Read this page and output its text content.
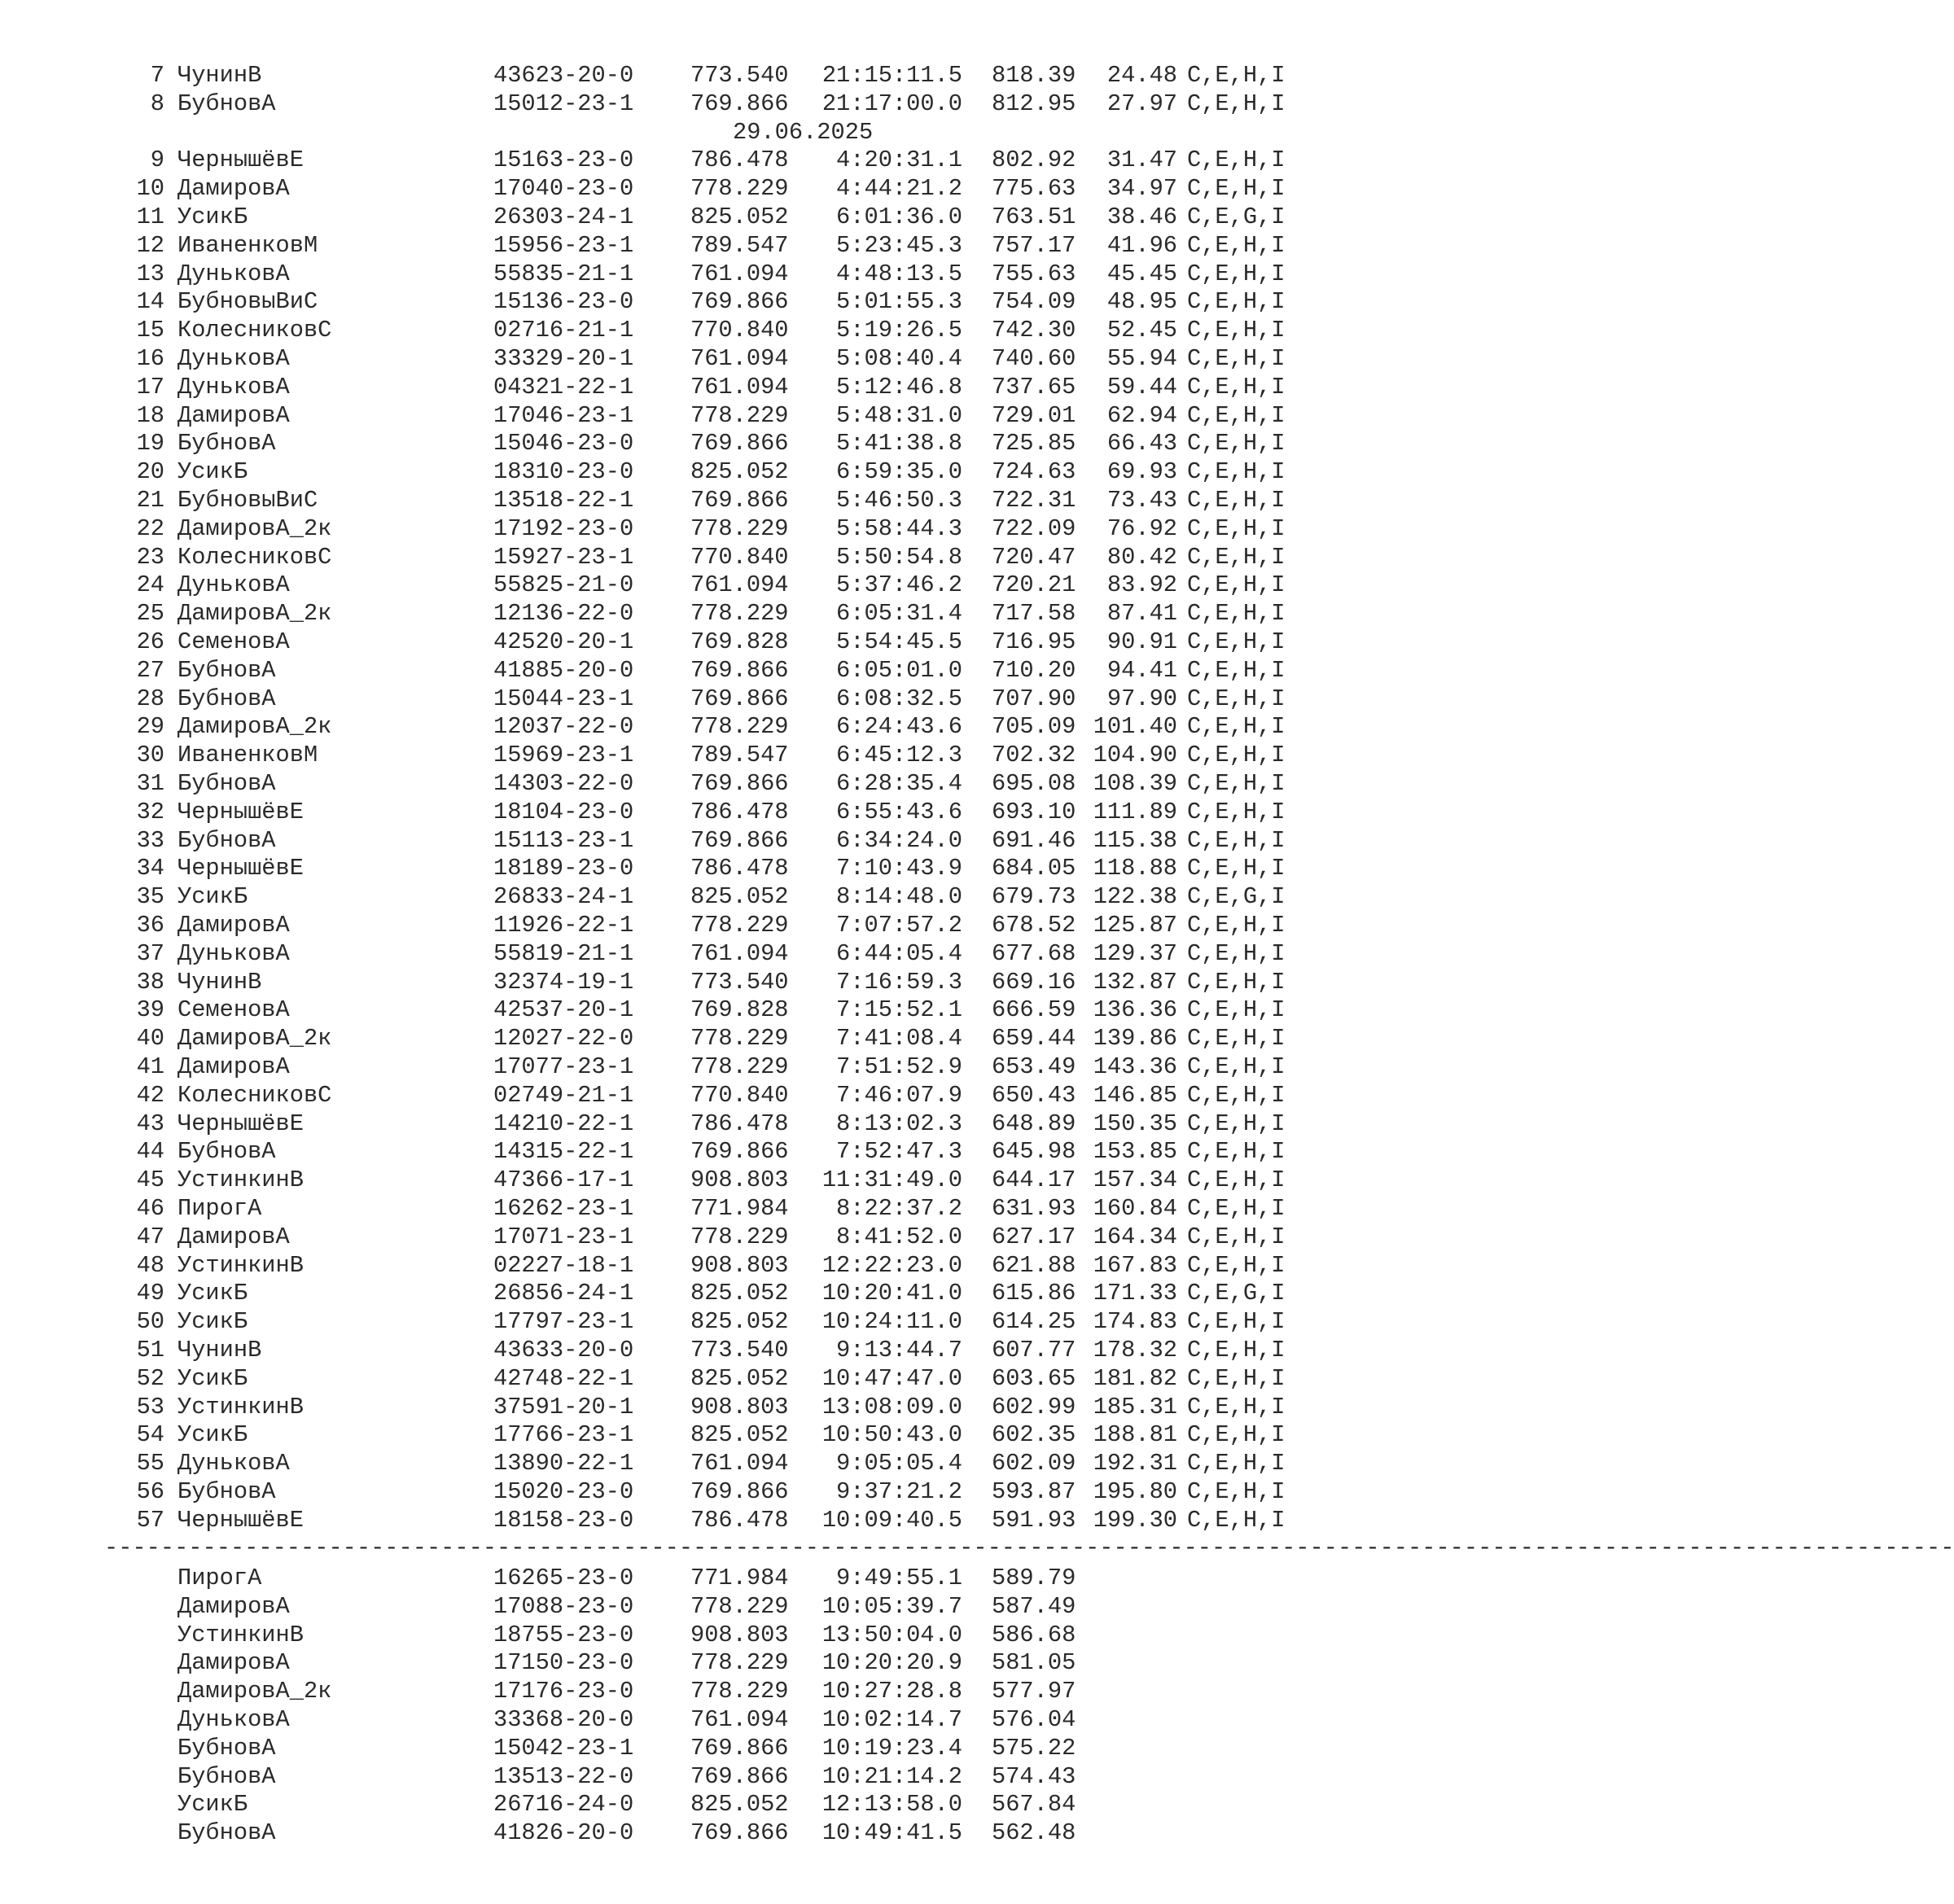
7 ЧунинВ	43623-20-0 773.540	21:15:11.5 818.39	24.48 C,E,H,I
8 БубновА	15012-23-1 769.866	21:17:00.0 812.95	27.97 C,E,H,I
9 ЧернышёвЕ	15163-23-0 786.478	4:20:31.1 802.92	31.47 C,E,H,I
10 ДамировА	17040-23-0 778.229	4:44:21.2 775.63	34.97 C,E,H,I
11 УсикБ	26303-24-1 825.052	6:01:36.0 763.51	38.46 C,E,G,I
12 ИваненковМ	15956-23-1 789.547	5:23:45.3 757.17	41.96 C,E,H,I
13 ДуньковА	55835-21-1 761.094	4:48:13.5 755.63	45.45 C,E,H,I
14 БубновыВиС	15136-23-0 769.866	5:01:55.3 754.09	48.95 C,E,H,I
15 КолесниковС	02716-21-1 770.840	5:19:26.5 742.30	52.45 C,E,H,I
16 ДуньковА	33329-20-1 761.094	5:08:40.4 740.60	55.94 C,E,H,I
17 ДуньковА	04321-22-1 761.094	5:12:46.8 737.65	59.44 C,E,H,I
18 ДамировА	17046-23-1 778.229	5:48:31.0 729.01	62.94 C,E,H,I
19 БубновА	15046-23-0 769.866	5:41:38.8 725.85	66.43 C,E,H,I
20 УсикБ	18310-23-0 825.052	6:59:35.0 724.63	69.93 C,E,H,I
21 БубновыВиС	13518-22-1 769.866	5:46:50.3 722.31	73.43 C,E,H,I
22 ДамировА_2к	17192-23-0 778.229	5:58:44.3 722.09	76.92 C,E,H,I
23 КолесниковС	15927-23-1 770.840	5:50:54.8 720.47	80.42 C,E,H,I
24 ДуньковА	55825-21-0 761.094	5:37:46.2 720.21	83.92 C,E,H,I
25 ДамировА_2к	12136-22-0 778.229	6:05:31.4 717.58	87.41 C,E,H,I
26 СеменовА	42520-20-1 769.828	5:54:45.5 716.95	90.91 C,E,H,I
27 БубновА	41885-20-0 769.866	6:05:01.0 710.20	94.41 C,E,H,I
28 БубновА	15044-23-1 769.866	6:08:32.5 707.90	97.90 C,E,H,I
29 ДамировА_2к	12037-22-0 778.229	6:24:43.6 705.09 101.40 C,E,H,I
30 ИваненковМ	15969-23-1 789.547	6:45:12.3 702.32 104.90 C,E,H,I
31 БубновА	14303-22-0 769.866	6:28:35.4 695.08 108.39 C,E,H,I
32 ЧернышёвЕ	18104-23-0 786.478	6:55:43.6 693.10 111.89 C,E,H,I
33 БубновА	15113-23-1 769.866	6:34:24.0 691.46 115.38 C,E,H,I
34 ЧернышёвЕ	18189-23-0 786.478	7:10:43.9 684.05 118.88 C,E,H,I
35 УсикБ	26833-24-1 825.052	8:14:48.0 679.73 122.38 C,E,G,I
36 ДамировА	11926-22-1 778.229	7:07:57.2 678.52 125.87 C,E,H,I
37 ДуньковА	55819-21-1 761.094	6:44:05.4 677.68 129.37 C,E,H,I
38 ЧунинВ	32374-19-1 773.540	7:16:59.3 669.16 132.87 C,E,H,I
39 СеменовА	42537-20-1 769.828	7:15:52.1 666.59 136.36 C,E,H,I
40 ДамировА_2к	12027-22-0 778.229	7:41:08.4 659.44 139.86 C,E,H,I
41 ДамировА	17077-23-1 778.229	7:51:52.9 653.49 143.36 C,E,H,I
42 КолесниковС	02749-21-1 770.840	7:46:07.9 650.43 146.85 C,E,H,I
43 ЧернышёвЕ	14210-22-1 786.478	8:13:02.3 648.89 150.35 C,E,H,I
44 БубновА	14315-22-1 769.866	7:52:47.3 645.98 153.85 C,E,H,I
45 УстинкинВ	47366-17-1 908.803	11:31:49.0 644.17 157.34 C,E,H,I
46 ПирогА	16262-23-1 771.984	8:22:37.2 631.93 160.84 C,E,H,I
47 ДамировА	17071-23-1 778.229	8:41:52.0 627.17 164.34 C,E,H,I
48 УстинкинВ	02227-18-1 908.803	12:22:23.0 621.88 167.83 C,E,H,I
49 УсикБ	26856-24-1 825.052	10:20:41.0 615.86 171.33 C,E,G,I
50 УсикБ	17797-23-1 825.052	10:24:11.0 614.25 174.83 C,E,H,I
51 ЧунинВ	43633-20-0 773.540	9:13:44.7 607.77 178.32 C,E,H,I
52 УсикБ	42748-22-1 825.052	10:47:47.0 603.65 181.82 C,E,H,I
53 УстинкинВ	37591-20-1 908.803	13:08:09.0 602.99 185.31 C,E,H,I
54 УсикБ	17766-23-1 825.052	10:50:43.0 602.35 188.81 C,E,H,I
55 ДуньковА	13890-22-1 761.094	9:05:05.4 602.09 192.31 C,E,H,I
56 БубновА	15020-23-0 769.866	9:37:21.2 593.87 195.80 C,E,H,I
57 ЧернышёвЕ	18158-23-0 786.478	10:09:40.5 591.93 199.30 C,E,H,I
29.06.2025
------------------------------------------------------------------------------------------------------------------------------------
ПирогА	16265-23-0 771.984	9:49:55.1 589.79
ДамировА	17088-23-0 778.229	10:05:39.7 587.49
УстинкинВ	18755-23-0 908.803	13:50:04.0 586.68
ДамировА	17150-23-0 778.229	10:20:20.9 581.05
ДамировА_2к	17176-23-0 778.229	10:27:28.8 577.97
ДуньковА	33368-20-0 761.094	10:02:14.7 576.04
БубновА	15042-23-1 769.866	10:19:23.4 575.22
БубновА	13513-22-0 769.866	10:21:14.2 574.43
УсикБ	26716-24-0 825.052	12:13:58.0 567.84
БубновА	41826-20-0 769.866	10:49:41.5 562.48
